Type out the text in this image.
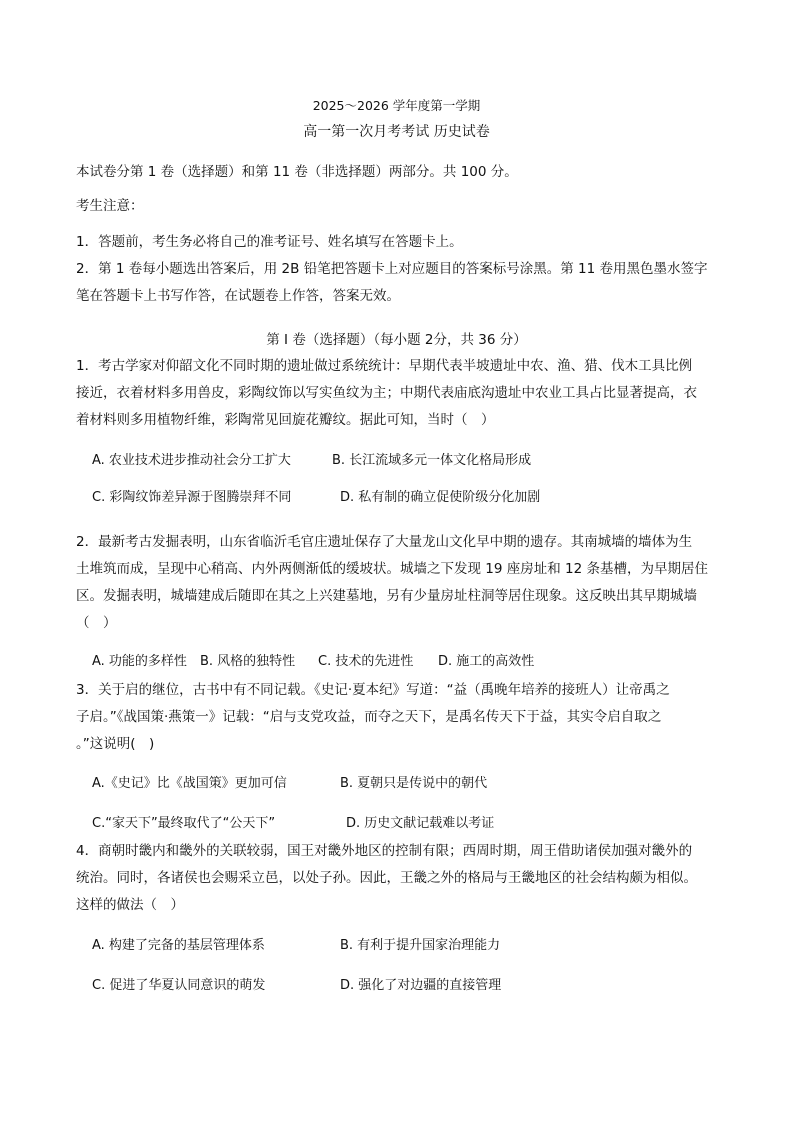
2025～2026 学年度第一学期
高一第一次月考考试 历史试卷
本试卷分第 1 卷（选择题）和第 11 卷（非选择题）两部分。共 100 分。
考生注意：
1．答题前，考生务必将自己的准考证号、姓名填写在答题卡上。
2．第 1 卷每小题选出答案后，用 2B 铅笔把答题卡上对应题目的答案标号涂黑。第 11 卷用黑色墨水签字
笔在答题卡上书写作答，在试题卷上作答，答案无效。
第 I 卷（选择题）（每小题 2分，共 36 分）
1．考古学家对仰韶文化不同时期的遗址做过系统统计：早期代表半坡遗址中农、渔、猎、伐木工具比例
接近，衣着材料多用兽皮，彩陶纹饰以写实鱼纹为主；中期代表庙底沟遗址中农业工具占比显著提高，衣
着材料则多用植物纤维，彩陶常见回旋花瓣纹。据此可知，当时（　）
A. 农业技术进步推动社会分工扩大	B. 长江流域多元一体文化格局形成
C. 彩陶纹饰差异源于图腾崇拜不同	D. 私有制的确立促使阶级分化加剧
2．最新考古发掘表明，山东省临沂毛官庄遗址保存了大量龙山文化早中期的遗存。其南城墙的墙体为生
土堆筑而成，呈现中心稍高、内外两侧渐低的缓坡状。城墙之下发现 19 座房址和 12 条基槽，为早期居住
区。发掘表明，城墙建成后随即在其之上兴建墓地，另有少量房址柱洞等居住现象。这反映出其早期城墙
（　）
A. 功能的多样性 B. 风格的独特性 C. 技术的先进性 D. 施工的高效性
3．关于启的继位，古书中有不同记载。《史记·夏本纪》写道：“益（禹晚年培养的接班人）让帝禹之
子启。”《战国策·燕策一》记载：“启与支党攻益，而夺之天下，是禹名传天下于益，其实令启自取之
。”这说明(　)
A.《史记》比《战国策》更加可信	B. 夏朝只是传说中的朝代
C.“家天下”最终取代了“公天下”	D. 历史文献记载难以考证
4．商朝时畿内和畿外的关联较弱，国王对畿外地区的控制有限；西周时期，周王借助诸侯加强对畿外的
统治。同时，各诸侯也会赐采立邑，以处子孙。因此，王畿之外的格局与王畿地区的社会结构颇为相似。
这样的做法（　）
A. 构建了完备的基层管理体系	B. 有利于提升国家治理能力
C. 促进了华夏认同意识的萌发	D. 强化了对边疆的直接管理
